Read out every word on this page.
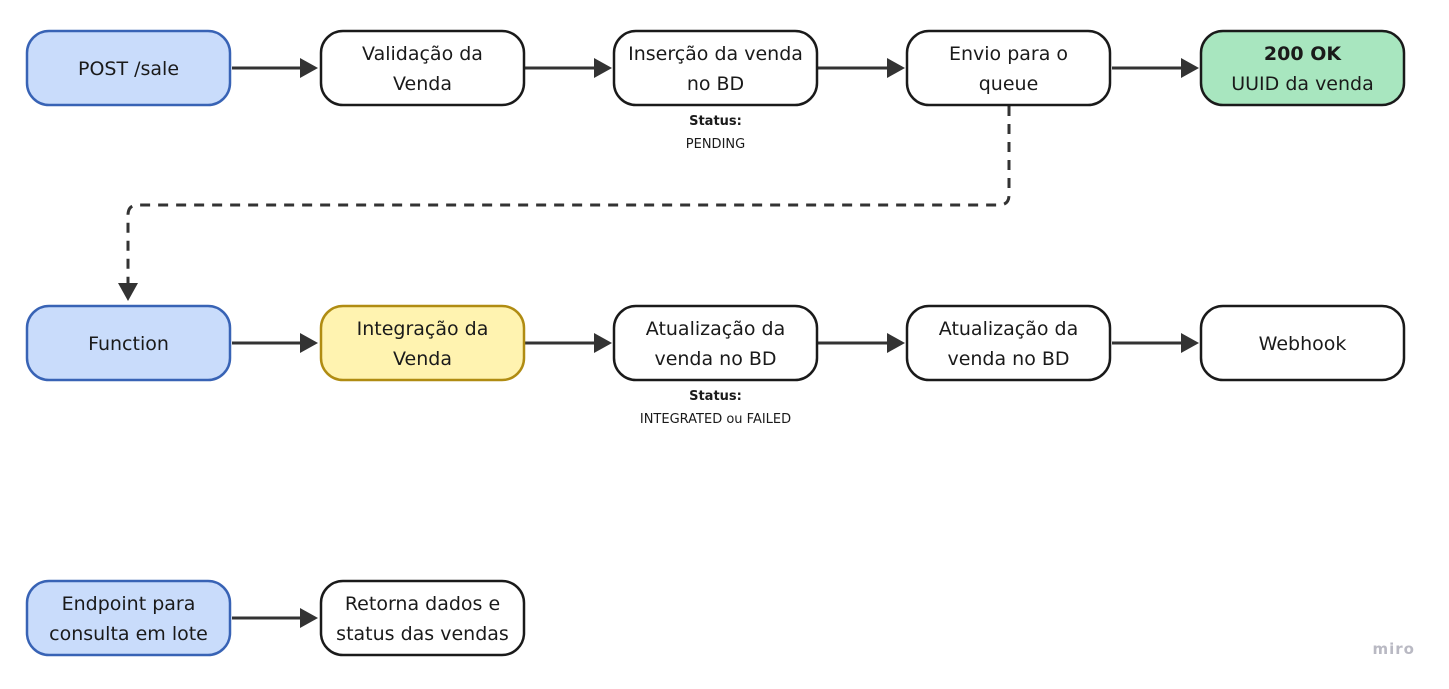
POST /sale
Validação da
Venda
Inserção da venda
no BD
Status:
PENDING
Envio para o
queue
200 OK
UUID da venda
Function
Integração da
Venda
Atualização da
venda no BD
Status:
INTEGRATED ou FAILED
Atualização da
venda no BD
Webhook
Endpoint para
consulta em lote
Retorna dados e
status das vendas
miro
